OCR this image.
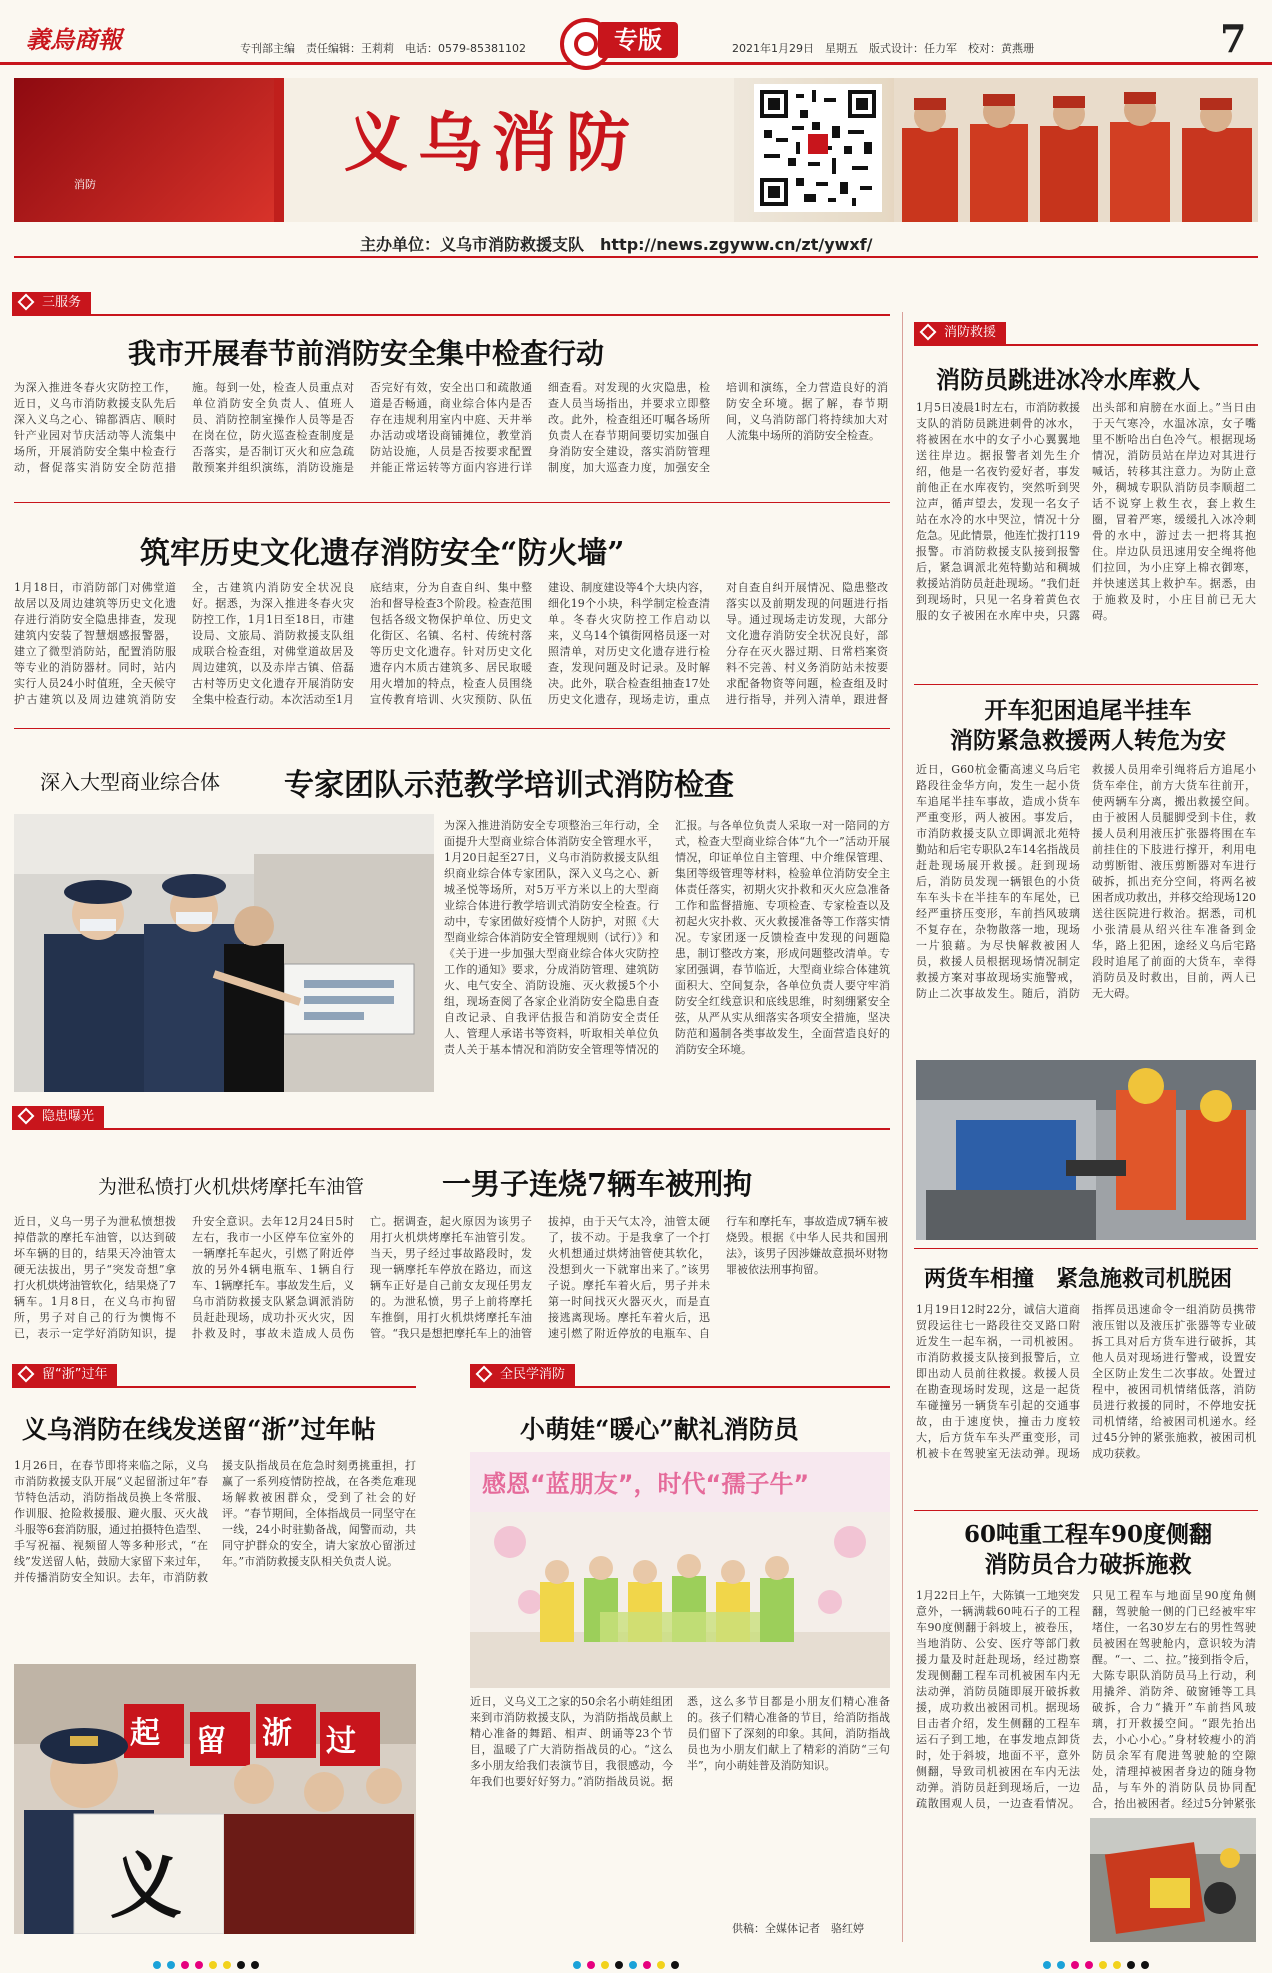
義烏商報	专刊部主编　责任编辑：王莉莉　电话：0579-85381102	专版	2021年1月29日　星期五　版式设计：任力军　校对：黄燕珊	7
消防
义乌消防
主办单位：义乌市消防救援支队　http://news.zgyww.cn/zt/ywxf/
三服务
我市开展春节前消防安全集中检查行动
为深入推进冬春火灾防控工作，近日，义乌市消防救援支队先后深入义乌之心、锦都酒店、顺时针产业园对节庆活动等人流集中场所，开展消防安全集中检查行动，督促落实消防安全防范措施。每到一处，检查人员重点对单位消防安全负责人、值班人员、消防控制室操作人员等是否在岗在位，防火巡查检查制度是否落实，是否制订灭火和应急疏散预案并组织演练，消防设施是否完好有效，安全出口和疏散通道是否畅通，商业综合体内是否存在违规利用室内中庭、天井举办活动或堵设商铺摊位，教堂消防站设施，人员是否按要求配置并能正常运转等方面内容进行详细查看。对发现的火灾隐患，检查人员当场指出，并要求立即整改。此外，检查组还叮嘱各场所负责人在春节期间要切实加强自身消防安全建设，落实消防管理制度，加大巡查力度，加强安全培训和演练，全力营造良好的消防安全环境。据了解，春节期间，义乌消防部门将持续加大对人流集中场所的消防安全检查。
筑牢历史文化遗存消防安全“防火墙”
1月18日，市消防部门对佛堂道故居以及周边建筑等历史文化遗存进行消防安全隐患排查，发现建筑内安装了智慧烟感报警器，建立了微型消防站，配置消防服等专业的消防器材。同时，站内实行人员24小时值班，全天候守护古建筑以及周边建筑消防安全，古建筑内消防安全状况良好。据悉，为深入推进冬春火灾防控工作，1月1日至18日，市建设局、文旅局、消防救援支队组成联合检查组，对佛堂道故居及周边建筑，以及赤岸古镇、倍磊古村等历史文化遗存开展消防安全集中检查行动。本次活动至1月底结束，分为自查自纠、集中整治和督导检查3个阶段。检查范围包括各级文物保护单位、历史文化街区、名镇、名村、传统村落等历史文化遗存。针对历史文化遗存内木质古建筑多、居民取暖用火增加的特点，检查人员围绕宣传教育培训、火灾预防、队伍建设、制度建设等4个大块内容，细化19个小块，科学制定检查清单。冬春火灾防控工作启动以来，义乌14个镇街网格员逐一对照清单，对历史文化遗存进行检查，发现问题及时记录。及时解决。此外，联合检查组抽查17处历史文化遗存，现场走访，重点对自查自纠开展情况、隐患整改落实以及前期发现的问题进行指导。通过现场走访发现，大部分文化遗存消防安全状况良好，部分存在灭火器过期、日常档案资料不完善、村义务消防站未按要求配备物资等问题，检查组及时进行指导，并列入清单，跟进督
深入大型商业综合体 专家团队示范教学培训式消防检查
为深入推进消防安全专项整治三年行动，全面提升大型商业综合体消防安全管理水平，1月20日起至27日，义乌市消防救援支队组织商业综合体专家团队，深入义乌之心、新城圣悦等场所，对5万平方米以上的大型商业综合体进行教学培训式消防安全检查。行动中，专家团做好疫情个人防护，对照《大型商业综合体消防安全管理规则（试行）》和《关于进一步加强大型商业综合体火灾防控工作的通知》要求，分成消防管理、建筑防火、电气安全、消防设施、灭火救援5个小组，现场查阅了各家企业消防安全隐患自查自改记录、自我评估报告和消防安全责任人、管理人承诺书等资料，听取相关单位负责人关于基本情况和消防安全管理等情况的汇报。与各单位负责人采取一对一陪同的方式，检查大型商业综合体“九个一”活动开展情况，印证单位自主管理、中介维保管理、集团等级管理等材料，检验单位消防安全主体责任落实，初期火灾扑救和灭火应急准备工作和监督措施、专项检查、专家检查以及初起火灾扑救、灭火救援准备等工作落实情况。专家团逐一反馈检查中发现的问题隐患，制订整改方案，形成问题整改清单。专家团强调，春节临近，大型商业综合体建筑面积大、空间复杂，各单位负责人要守牢消防安全红线意识和底线思维，时刻绷紧安全弦，从严从实从细落实各项安全措施，坚决防范和遏制各类事故发生，全面营造良好的消防安全环境。
隐患曝光
为泄私愤打火机烘烤摩托车油管	一男子连烧7辆车被刑拘
近日，义乌一男子为泄私愤想拨掉借款的摩托车油管，以达到破坏车辆的目的，结果天冷油管太硬无法拔出，男子“突发奇想”拿打火机烘烤油管软化，结果烧了7辆车。1月8日，在义乌市拘留所，男子对自己的行为懊悔不已，表示一定学好消防知识，提升安全意识。去年12月24日5时左右，我市一小区停车位室外的一辆摩托车起火，引燃了附近停放的另外4辆电瓶车、1辆自行车、1辆摩托车。事故发生后，义乌市消防救援支队紧急调派消防员赶赴现场，成功扑灭火灾，因扑救及时，事故未造成人员伤亡。据调查，起火原因为该男子用打火机烘烤摩托车油管引发。当天，男子经过事故路段时，发现一辆摩托车停放在路边，而这辆车正好是自己前女友现任男友的。为泄私愤，男子上前将摩托车推倒，用打火机烘烤摩托车油管。“我只是想把摩托车上的油管拔掉，由于天气太冷，油管太硬了，拔不动。于是我拿了一个打火机想通过烘烤油管使其软化，没想到火一下就窜出来了。”该男子说。摩托车着火后，男子并未第一时间找灭火器灭火，而是直接逃离现场。摩托车着火后，迅速引燃了附近停放的电瓶车、自行车和摩托车，事故造成7辆车被烧毁。根据《中华人民共和国刑法》，该男子因涉嫌故意损坏财物罪被依法刑事拘留。
留“浙”过年
义乌消防在线发送留“浙”过年帖
1月26日，在春节即将来临之际，义乌市消防救援支队开展“义起留浙过年”春节特色活动，消防指战员换上冬常服、作训服、抢险救援服、避火服、灭火战斗服等6套消防服，通过拍摄特色造型、手写祝福、视频留人等多种形式，“在线”发送留人帖，鼓励大家留下来过年，并传播消防安全知识。去年，市消防救援支队指战员在危急时刻勇挑重担，打赢了一系列疫情防控战，在各类危难现场解救被困群众，受到了社会的好评。“春节期间，全体指战员一同坚守在一线，24小时驻勤备战，闻警而动，共同守护群众的安全，请大家放心留浙过年。”市消防救援支队相关负责人说。
起 留 浙 过
义
全民学消防
小萌娃“暖心”献礼消防员
感恩“蓝朋友”，时代“孺子牛”
近日，义乌义工之家的50余名小萌娃组团来到市消防救援支队，为消防指战员献上精心准备的舞蹈、相声、朗诵等23个节目，温暖了广大消防指战员的心。“这么多小朋友给我们表演节目，我很感动，今年我们也要好好努力。”消防指战员说。据悉，这么多节目都是小朋友们精心准备的。孩子们精心准备的节目，给消防指战员们留下了深刻的印象。其间，消防指战员也为小朋友们献上了精彩的消防“三句半”，向小萌娃普及消防知识。
供稿：全媒体记者　骆红婷
消防救援
消防员跳进冰冷水库救人
1月5日凌晨1时左右，市消防救援支队的消防员跳进刺骨的冰水，将被困在水中的女子小心翼翼地送往岸边。据报警者刘先生介绍，他是一名夜钓爱好者，事发前他正在水库夜钓，突然听到哭泣声，循声望去，发现一名女子站在水冷的水中哭泣，情况十分危急。见此情景，他连忙拨打119报警。市消防救援支队接到报警后，紧急调派北苑特勤站和稠城救援站消防员赶赴现场。“我们赶到现场时，只见一名身着黄色衣服的女子被困在水库中央，只露出头部和肩膀在水面上。”当日由于天气寒冷，水温冰凉，女子嘴里不断哈出白色冷气。根据现场情况，消防员站在岸边对其进行喊话，转移其注意力。为防止意外，稠城专职队消防员李顺超二话不说穿上救生衣，套上救生圈，冒着严寒，缓缓扎入冰冷刺骨的水中，游过去一把将其抱住。岸边队员迅速用安全绳将他们拉回，为小庄穿上棉衣御寒，并快速送其上救护车。据悉，由于施救及时，小庄目前已无大碍。
开车犯困追尾半挂车
消防紧急救援两人转危为安
近日，G60杭金衢高速义乌后宅路段往金华方向，发生一起小货车追尾半挂车事故，造成小货车严重变形，两人被困。事发后，市消防救援支队立即调派北苑特勤站和后宅专职队2车14名指战员赶赴现场展开救援。赶到现场后，消防员发现一辆银色的小货车车头卡在半挂车的车尾处，已经严重挤压变形，车前挡风玻璃不复存在，杂物散落一地，现场一片狼藉。为尽快解救被困人员，救援人员根据现场情况制定救援方案对事故现场实施警戒，防止二次事故发生。随后，消防救援人员用牵引绳将后方追尾小货车牵住，前方大货车往前开，使两辆车分离，搬出救援空间。由于被困人员腿脚受到卡住，救援人员利用液压扩张器将围在车前挂住的下肢进行撑开，利用电动剪断钳、液压剪断器对车进行破拆，抓出充分空间，将两名被困者成功救出，并移交给现场120送往医院进行救治。据悉，司机小张清晨从绍兴往车准备到金华，路上犯困，途经义乌后宅路段时追尾了前面的大货车，幸得消防员及时救出，目前，两人已无大碍。
两货车相撞　紧急施救司机脱困
1月19日12时22分，诚信大道商贸段运往七一路段往交叉路口附近发生一起车祸，一司机被困。市消防救援支队接到报警后，立即出动人员前往救援。救援人员在勘查现场时发现，这是一起货车碰撞另一辆货车引起的交通事故，由于速度快，撞击力度较大，后方货车车头严重变形，司机被卡在驾驶室无法动弹。现场指挥员迅速命令一组消防员携带液压钳以及液压扩张器等专业破拆工具对后方货车进行破拆，其他人员对现场进行警戒，设置安全区防止发生二次事故。处置过程中，被困司机情绪低落，消防员进行救援的同时，不停地安抚司机情绪，给被困司机递水。经过45分钟的紧张施救，被困司机成功获救。
60吨重工程车90度侧翻
消防员合力破拆施救
1月22日上午，大陈镇一工地突发意外，一辆满载60吨石子的工程车90度侧翻于斜坡上，被卷压，当地消防、公安、医疗等部门救援力量及时赶赴现场，经过勘察发现侧翻工程车司机被困车内无法动弹，消防员随即展开破拆救援，成功救出被困司机。据现场目击者介绍，发生侧翻的工程车运石子到工地，在事发地点卸货时，处于斜坡，地面不平，意外侧翻，导致司机被困在车内无法动弹。消防员赶到现场后，一边疏散围观人员，一边查看情况。只见工程车与地面呈90度角侧翻，驾驶舱一侧的门已经被牢牢堵住，一名30岁左右的男性驾驶员被困在驾驶舱内，意识较为清醒。“一、二、拉。”接到指令后，大陈专职队消防员马上行动，利用撬斧、消防斧、破窗锤等工具破拆，合力“撬开”车前挡风玻璃，打开救援空间。“跟先抬出去，小心小心。”身材较瘦小的消防员余军有爬进驾驶舱的空隙处，清理掉被困者身边的随身物品，与车外的消防队员协同配合，抬出被困者。经过5分钟紧张
